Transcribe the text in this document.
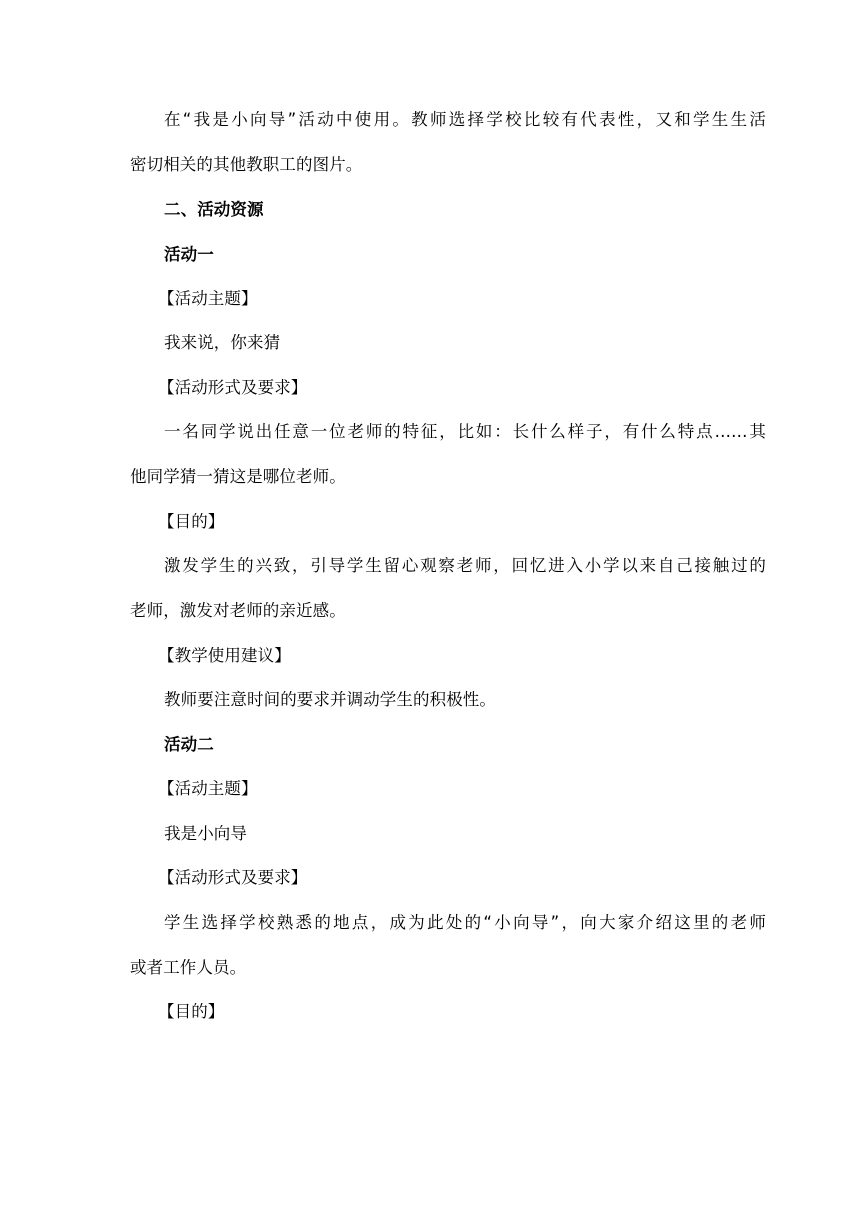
在“我是小向导”活动中使用。教师选择学校比较有代表性，又和学生生活
密切相关的其他教职工的图片。
二、活动资源
活动一
【活动主题】
我来说，你来猜
【活动形式及要求】
一名同学说出任意一位老师的特征，比如：长什么样子，有什么特点……其
他同学猜一猜这是哪位老师。
【目的】
激发学生的兴致，引导学生留心观察老师，回忆进入小学以来自己接触过的
老师，激发对老师的亲近感。
【教学使用建议】
教师要注意时间的要求并调动学生的积极性。
活动二
【活动主题】
我是小向导
【活动形式及要求】
学生选择学校熟悉的地点，成为此处的“小向导”，向大家介绍这里的老师
或者工作人员。
【目的】
